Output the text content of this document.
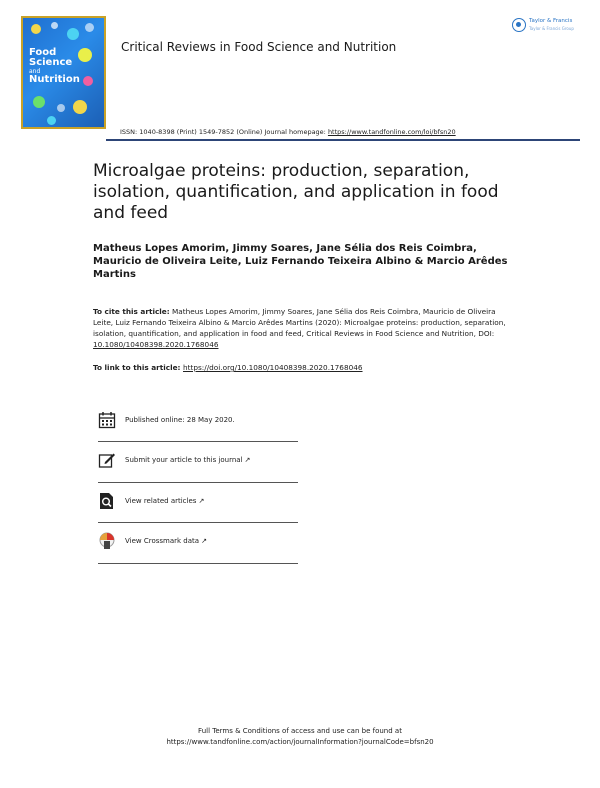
Food
Science
and
Nutrition
Critical Reviews in Food Science and Nutrition
Taylor & Francis
Taylor & Francis Group
ISSN: 1040-8398 (Print) 1549-7852 (Online) Journal homepage: https://www.tandfonline.com/loi/bfsn20
Microalgae proteins: production, separation, isolation, quantification, and application in food and feed
Matheus Lopes Amorim, Jimmy Soares, Jane Sélia dos Reis Coimbra, Mauricio de Oliveira Leite, Luiz Fernando Teixeira Albino & Marcio Arêdes Martins
To cite this article: Matheus Lopes Amorim, Jimmy Soares, Jane Sélia dos Reis Coimbra, Mauricio de Oliveira Leite, Luiz Fernando Teixeira Albino & Marcio Arêdes Martins (2020): Microalgae proteins: production, separation, isolation, quantification, and application in food and feed, Critical Reviews in Food Science and Nutrition, DOI: 10.1080/10408398.2020.1768046
To link to this article: https://doi.org/10.1080/10408398.2020.1768046
Published online: 28 May 2020.
Submit your article to this journal ↗
View related articles ↗
View Crossmark data ↗
Full Terms & Conditions of access and use can be found at
https://www.tandfonline.com/action/journalInformation?journalCode=bfsn20
